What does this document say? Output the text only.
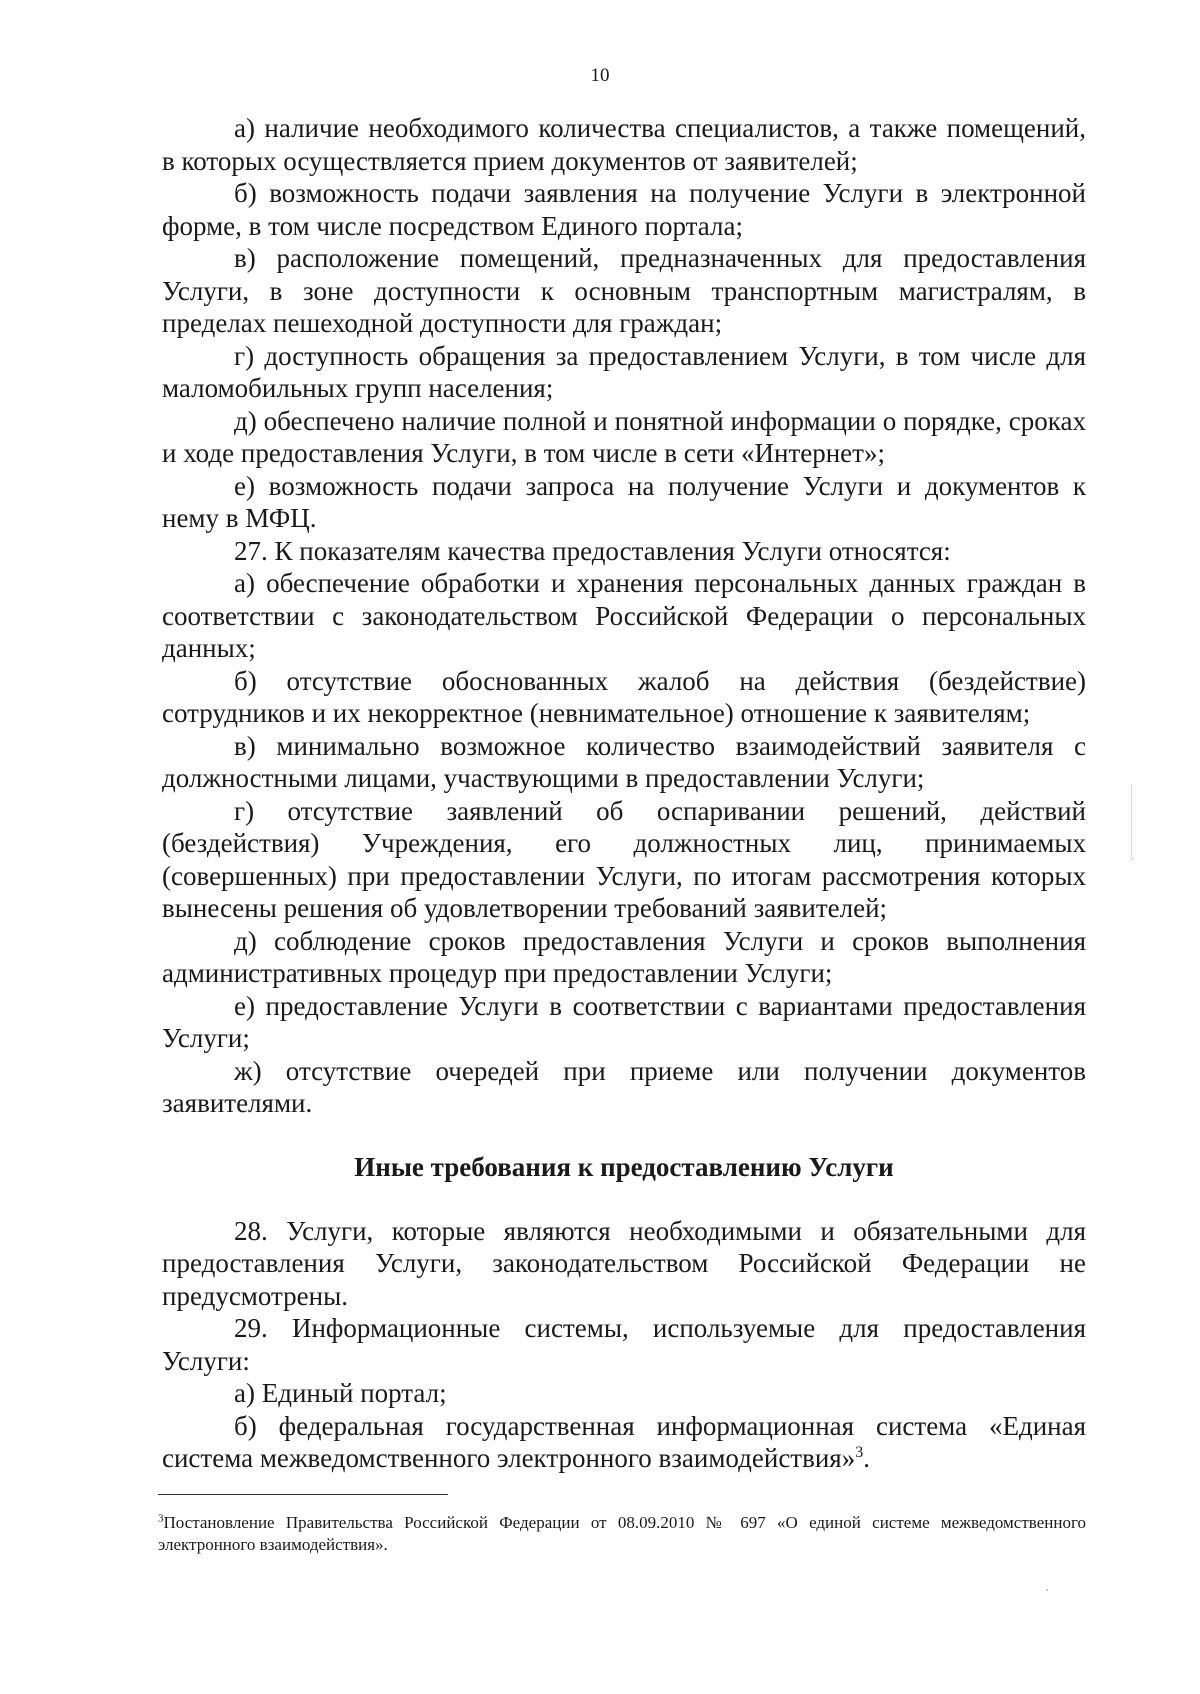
10

а) наличие необходимого количества специалистов, а также помещений, в которых осуществляется прием документов от заявителей;

б) возможность подачи заявления на получение Услуги в электронной форме, в том числе посредством Единого портала;

в) расположение помещений, предназначенных для предоставления Услуги, в зоне доступности к основным транспортным магистралям, в пределах пешеходной доступности для граждан;

г) доступность обращения за предоставлением Услуги, в том числе для маломобильных групп населения;

д) обеспечено наличие полной и понятной информации о порядке, сроках и ходе предоставления Услуги, в том числе в сети «Интернет»;

е) возможность подачи запроса на получение Услуги и документов к нему в МФЦ.

27. К показателям качества предоставления Услуги относятся:

а) обеспечение обработки и хранения персональных данных граждан в соответствии с законодательством Российской Федерации о персональных данных;

б) отсутствие обоснованных жалоб на действия (бездействие) сотрудников и их некорректное (невнимательное) отношение к заявителям;

в) минимально возможное количество взаимодействий заявителя с должностными лицами, участвующими в предоставлении Услуги;

г) отсутствие заявлений об оспаривании решений, действий (бездействия) Учреждения, его должностных лиц, принимаемых (совершенных) при предоставлении Услуги, по итогам рассмотрения которых вынесены решения об удовлетворении требований заявителей;

д) соблюдение сроков предоставления Услуги и сроков выполнения административных процедур при предоставлении Услуги;

е) предоставление Услуги в соответствии с вариантами предоставления Услуги;

ж) отсутствие очередей при приеме или получении документов заявителями.

Иные требования к предоставлению Услуги

28. Услуги, которые являются необходимыми и обязательными для предоставления Услуги, законодательством Российской Федерации не предусмотрены.

29. Информационные системы, используемые для предоставления Услуги:

а) Единый портал;

б) федеральная государственная информационная система «Единая система межведомственного электронного взаимодействия»$^3$.

$^3$Постановление Правительства Российской Федерации от 08.09.2010 № 697 «О единой системе межведомственного электронного взаимодействия».
